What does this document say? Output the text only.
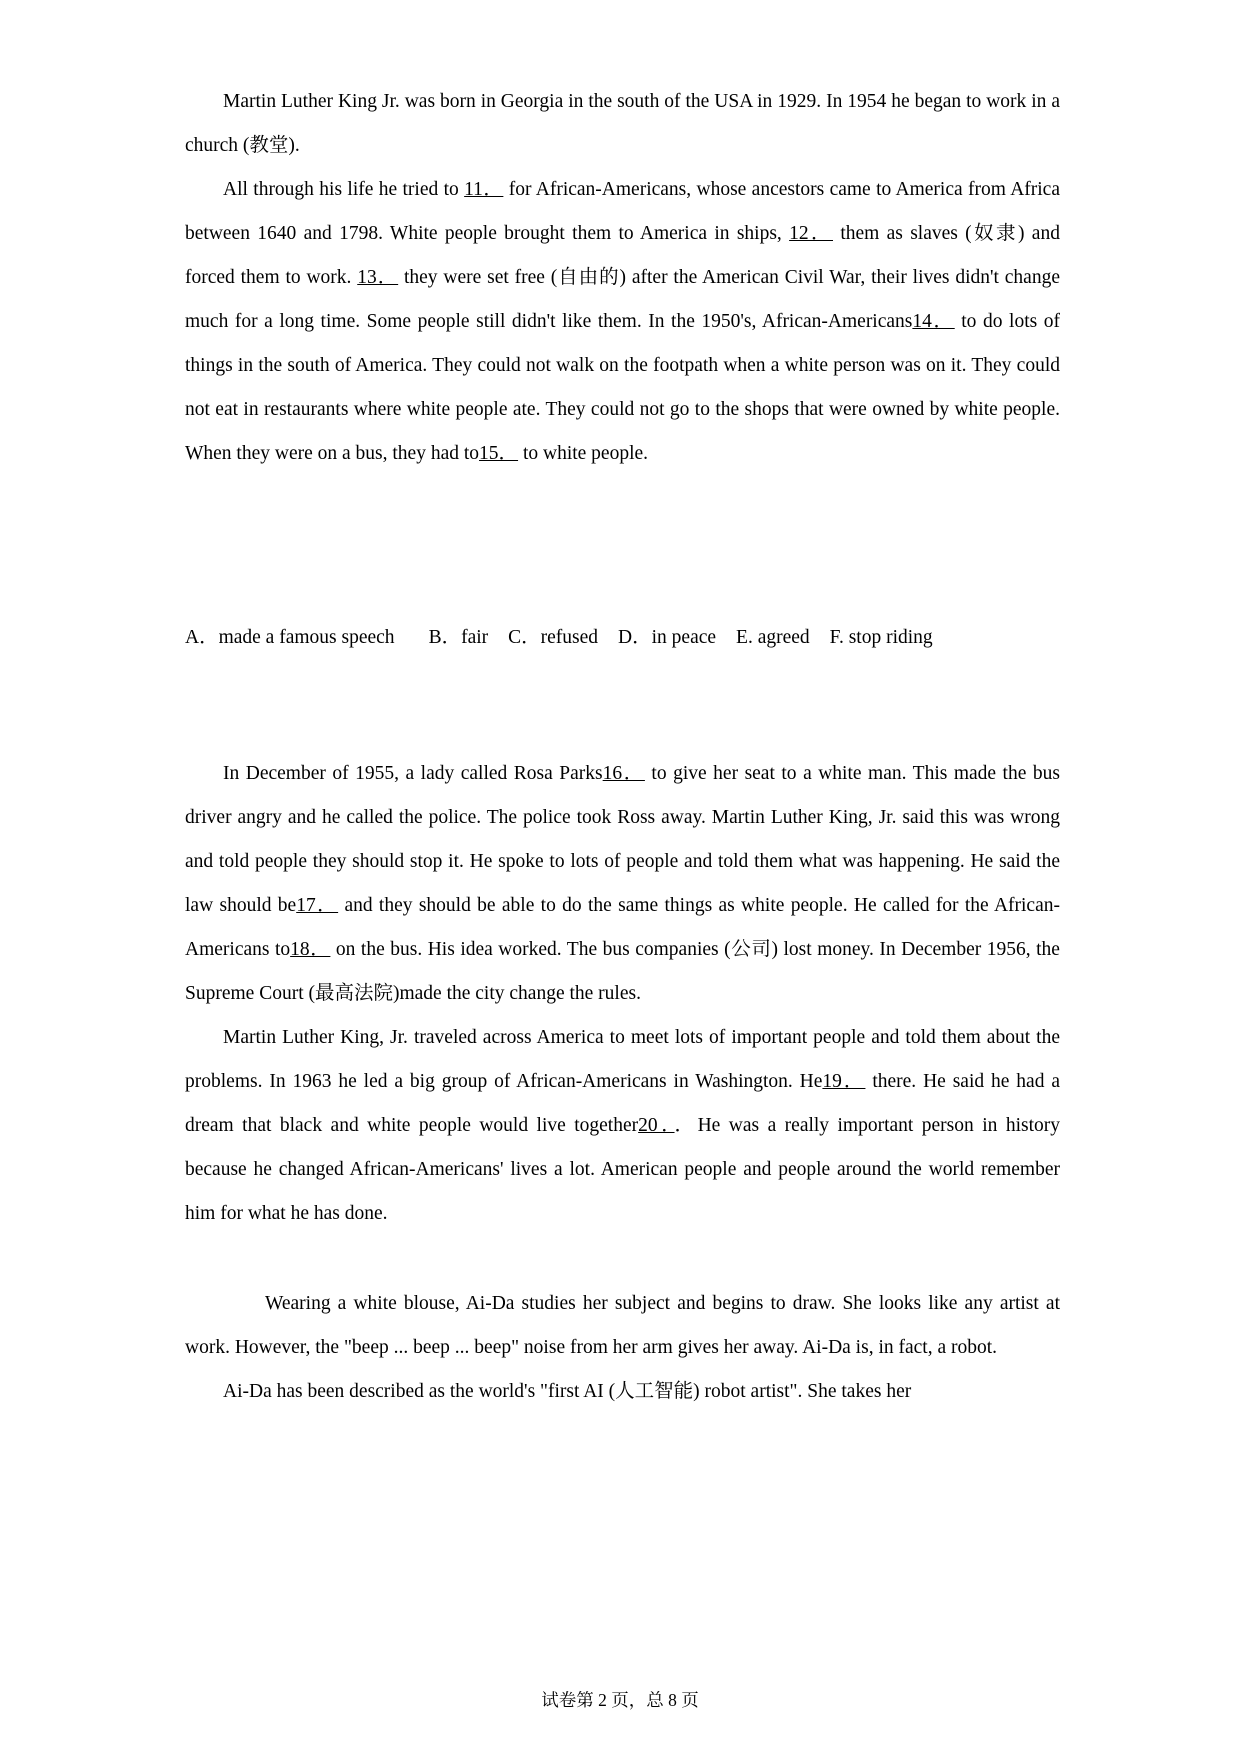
Martin Luther King Jr. was born in Georgia in the south of the USA in 1929. In 1954 he began to work in a church (教堂).

All through his life he tried to 11． for African-Americans, whose ancestors came to America from Africa between 1640 and 1798. White people brought them to America in ships, 12． them as slaves (奴隶) and forced them to work. 13． they were set free (自由的) after the American Civil War, their lives didn't change much for a long time. Some people still didn't like them. In the 1950's, African-Americans14． to do lots of things in the south of America. They could not walk on the footpath when a white person was on it. They could not eat in restaurants where white people ate. They could not go to the shops that were owned by white people. When they were on a bus, they had to15． to white people.

A．made a famous speech B．fair C．refused D．in peace E. agreed F. stop riding

In December of 1955, a lady called Rosa Parks16． to give her seat to a white man. This made the bus driver angry and he called the police. The police took Ross away. Martin Luther King, Jr. said this was wrong and told people they should stop it. He spoke to lots of people and told them what was happening. He said the law should be17． and they should be able to do the same things as white people. He called for the African-Americans to18． on the bus. His idea worked. The bus companies (公司) lost money. In December 1956, the Supreme Court (最高法院)made the city change the rules.

Martin Luther King, Jr. traveled across America to meet lots of important people and told them about the problems. In 1963 he led a big group of African-Americans in Washington. He19． there. He said he had a dream that black and white people would live together20．．He was a really important person in history because he changed African-Americans' lives a lot. American people and people around the world remember him for what he has done.

Wearing a white blouse, Ai-Da studies her subject and begins to draw. She looks like any artist at work. However, the "beep ... beep ... beep" noise from her arm gives her away. Ai-Da is, in fact, a robot.

Ai-Da has been described as the world's "first AI (人工智能) robot artist". She takes her

试卷第 2 页，总 8 页
